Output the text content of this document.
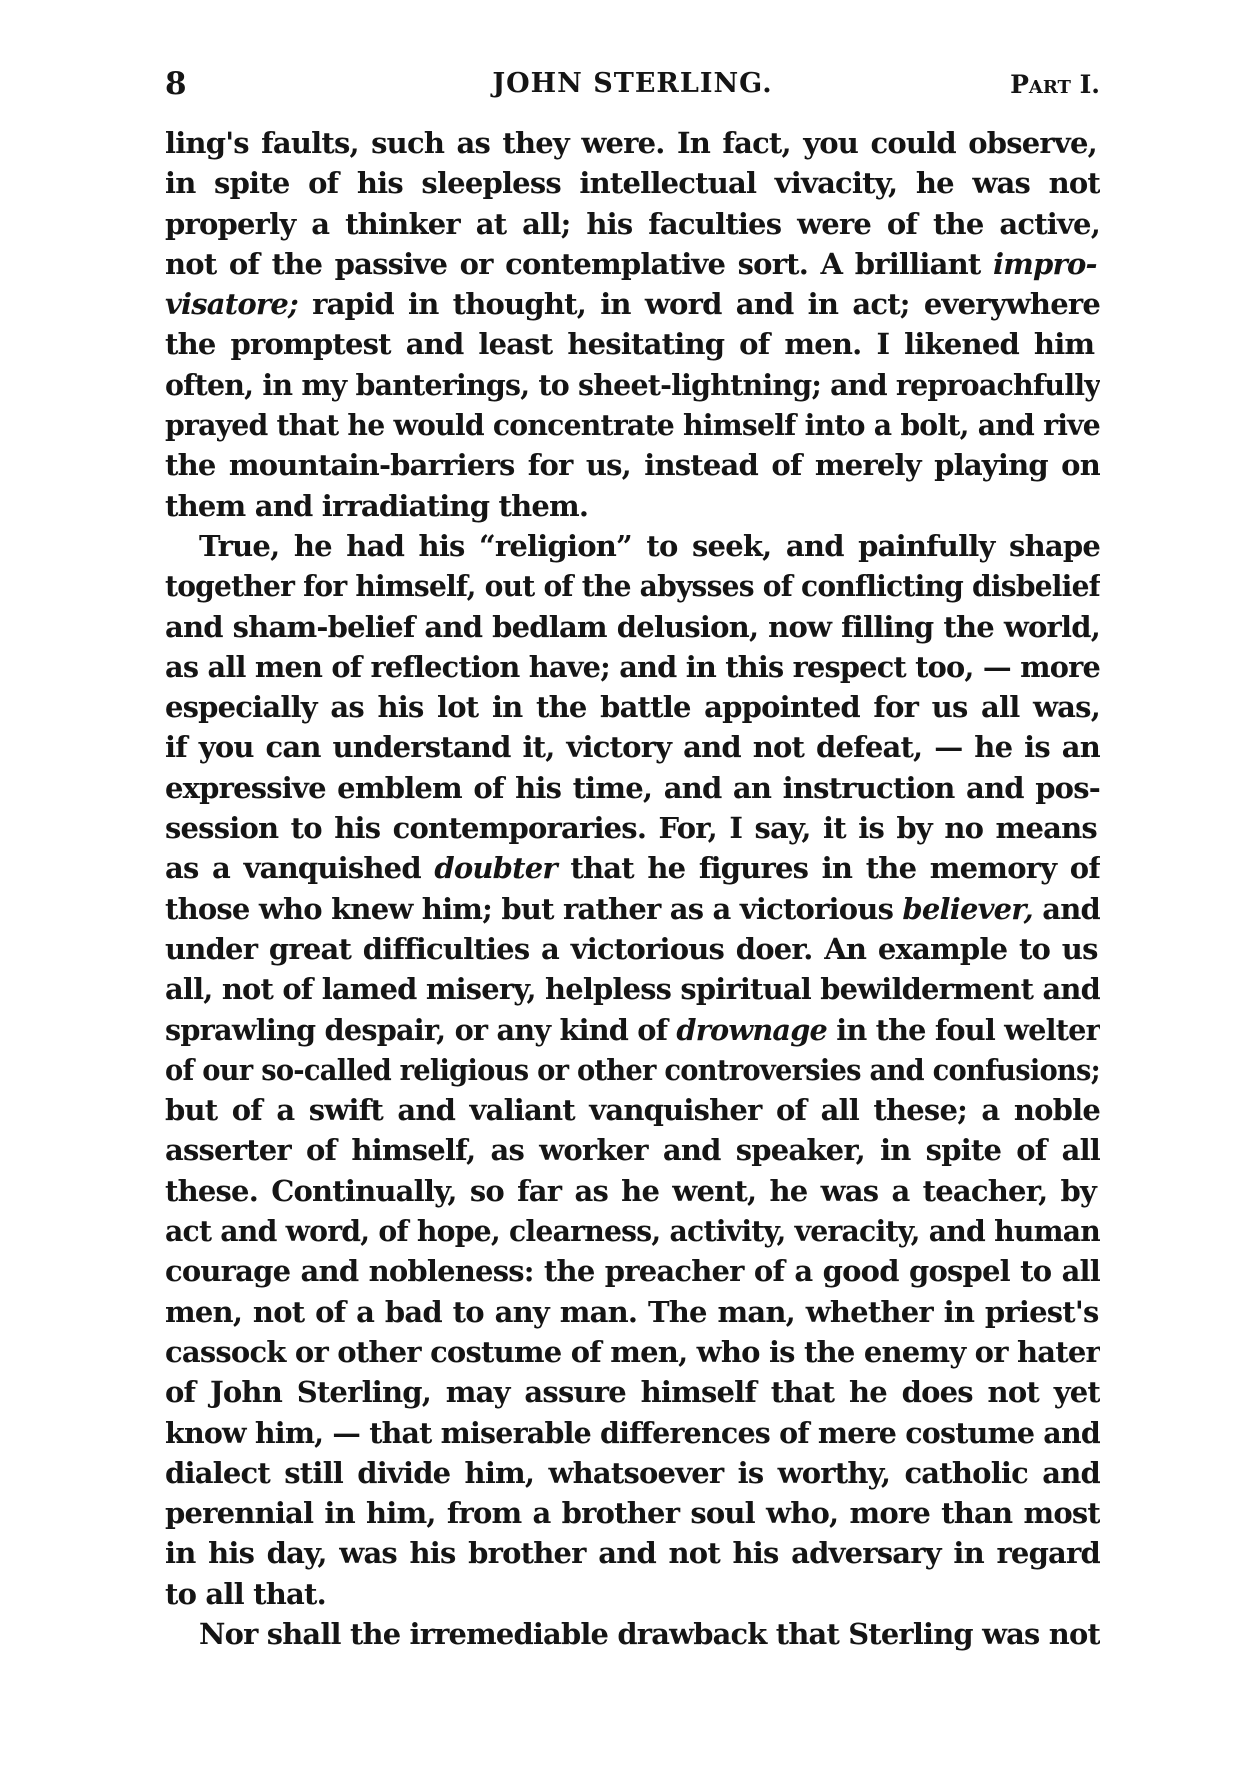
8	JOHN STERLING.	Part I.
ling's faults, such as they were. In fact, you could observe,
in spite of his sleepless intellectual vivacity, he was not
properly a thinker at all; his faculties were of the active,
not of the passive or contemplative sort. A brilliant impro-
visatore; rapid in thought, in word and in act; everywhere
the promptest and least hesitating of men. I likened him
often, in my banterings, to sheet-lightning; and reproachfully
prayed that he would concentrate himself into a bolt, and rive
the mountain-barriers for us, instead of merely playing on
them and irradiating them.
True, he had his “religion” to seek, and painfully shape
together for himself, out of the abysses of conflicting disbelief
and sham-belief and bedlam delusion, now filling the world,
as all men of reflection have; and in this respect too, — more
especially as his lot in the battle appointed for us all was,
if you can understand it, victory and not defeat, — he is an
expressive emblem of his time, and an instruction and pos-
session to his contemporaries. For, I say, it is by no means
as a vanquished doubter that he figures in the memory of
those who knew him; but rather as a victorious believer, and
under great difficulties a victorious doer. An example to us
all, not of lamed misery, helpless spiritual bewilderment and
sprawling despair, or any kind of drownage in the foul welter
of our so-called religious or other controversies and confusions;
but of a swift and valiant vanquisher of all these; a noble
asserter of himself, as worker and speaker, in spite of all
these. Continually, so far as he went, he was a teacher, by
act and word, of hope, clearness, activity, veracity, and human
courage and nobleness: the preacher of a good gospel to all
men, not of a bad to any man. The man, whether in priest's
cassock or other costume of men, who is the enemy or hater
of John Sterling, may assure himself that he does not yet
know him, — that miserable differences of mere costume and
dialect still divide him, whatsoever is worthy, catholic and
perennial in him, from a brother soul who, more than most
in his day, was his brother and not his adversary in regard
to all that.
Nor shall the irremediable drawback that Sterling was not
